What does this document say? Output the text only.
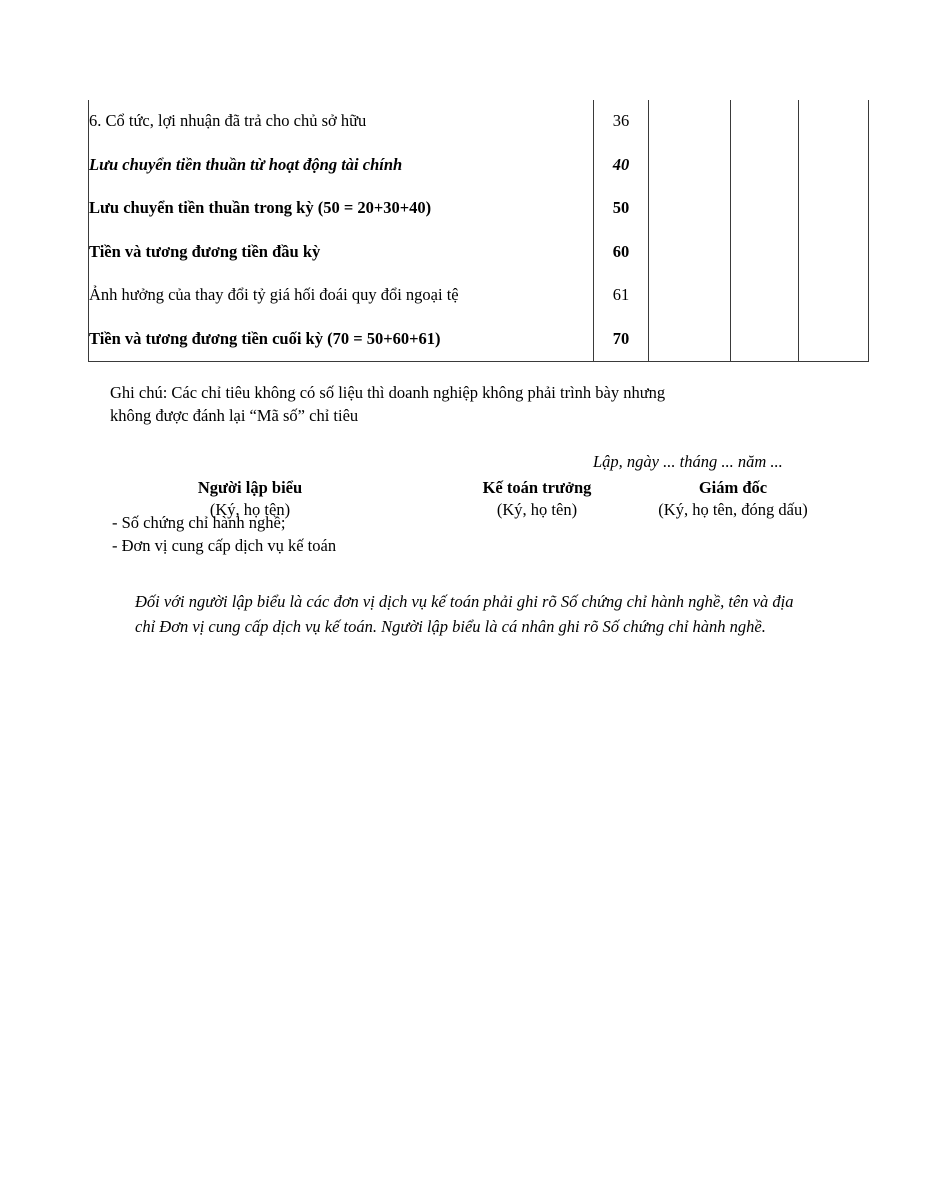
6. Cổ tức, lợi nhuận đã trả cho chủ sở hữu	36			
Lưu chuyển tiền thuần từ hoạt động tài chính	40			
Lưu chuyển tiền thuần trong kỳ (50 = 20+30+40)	50			
Tiền và tương đương tiền đầu kỳ	60			
Ảnh hưởng của thay đổi tỷ giá hối đoái quy đổi ngoại tệ	61			
Tiền và tương đương tiền cuối kỳ (70 = 50+60+61)	70			
Ghi chú: Các chỉ tiêu không có số liệu thì doanh nghiệp không phải trình bày nhưng
không được đánh lại “Mã số” chỉ tiêu
Lập, ngày ... tháng ... năm ...
Người lập biểu
(Ký, họ tên)
Kế toán trưởng
(Ký, họ tên)
Giám đốc
(Ký, họ tên, đóng dấu)
- Số chứng chỉ hành nghề;
- Đơn vị cung cấp dịch vụ kế toán
Đối với người lập biểu là các đơn vị dịch vụ kế toán phải ghi rõ Số chứng chỉ hành nghề, tên và địa chỉ Đơn vị cung cấp dịch vụ kế toán. Người lập biểu là cá nhân ghi rõ Số chứng chỉ hành nghề.
